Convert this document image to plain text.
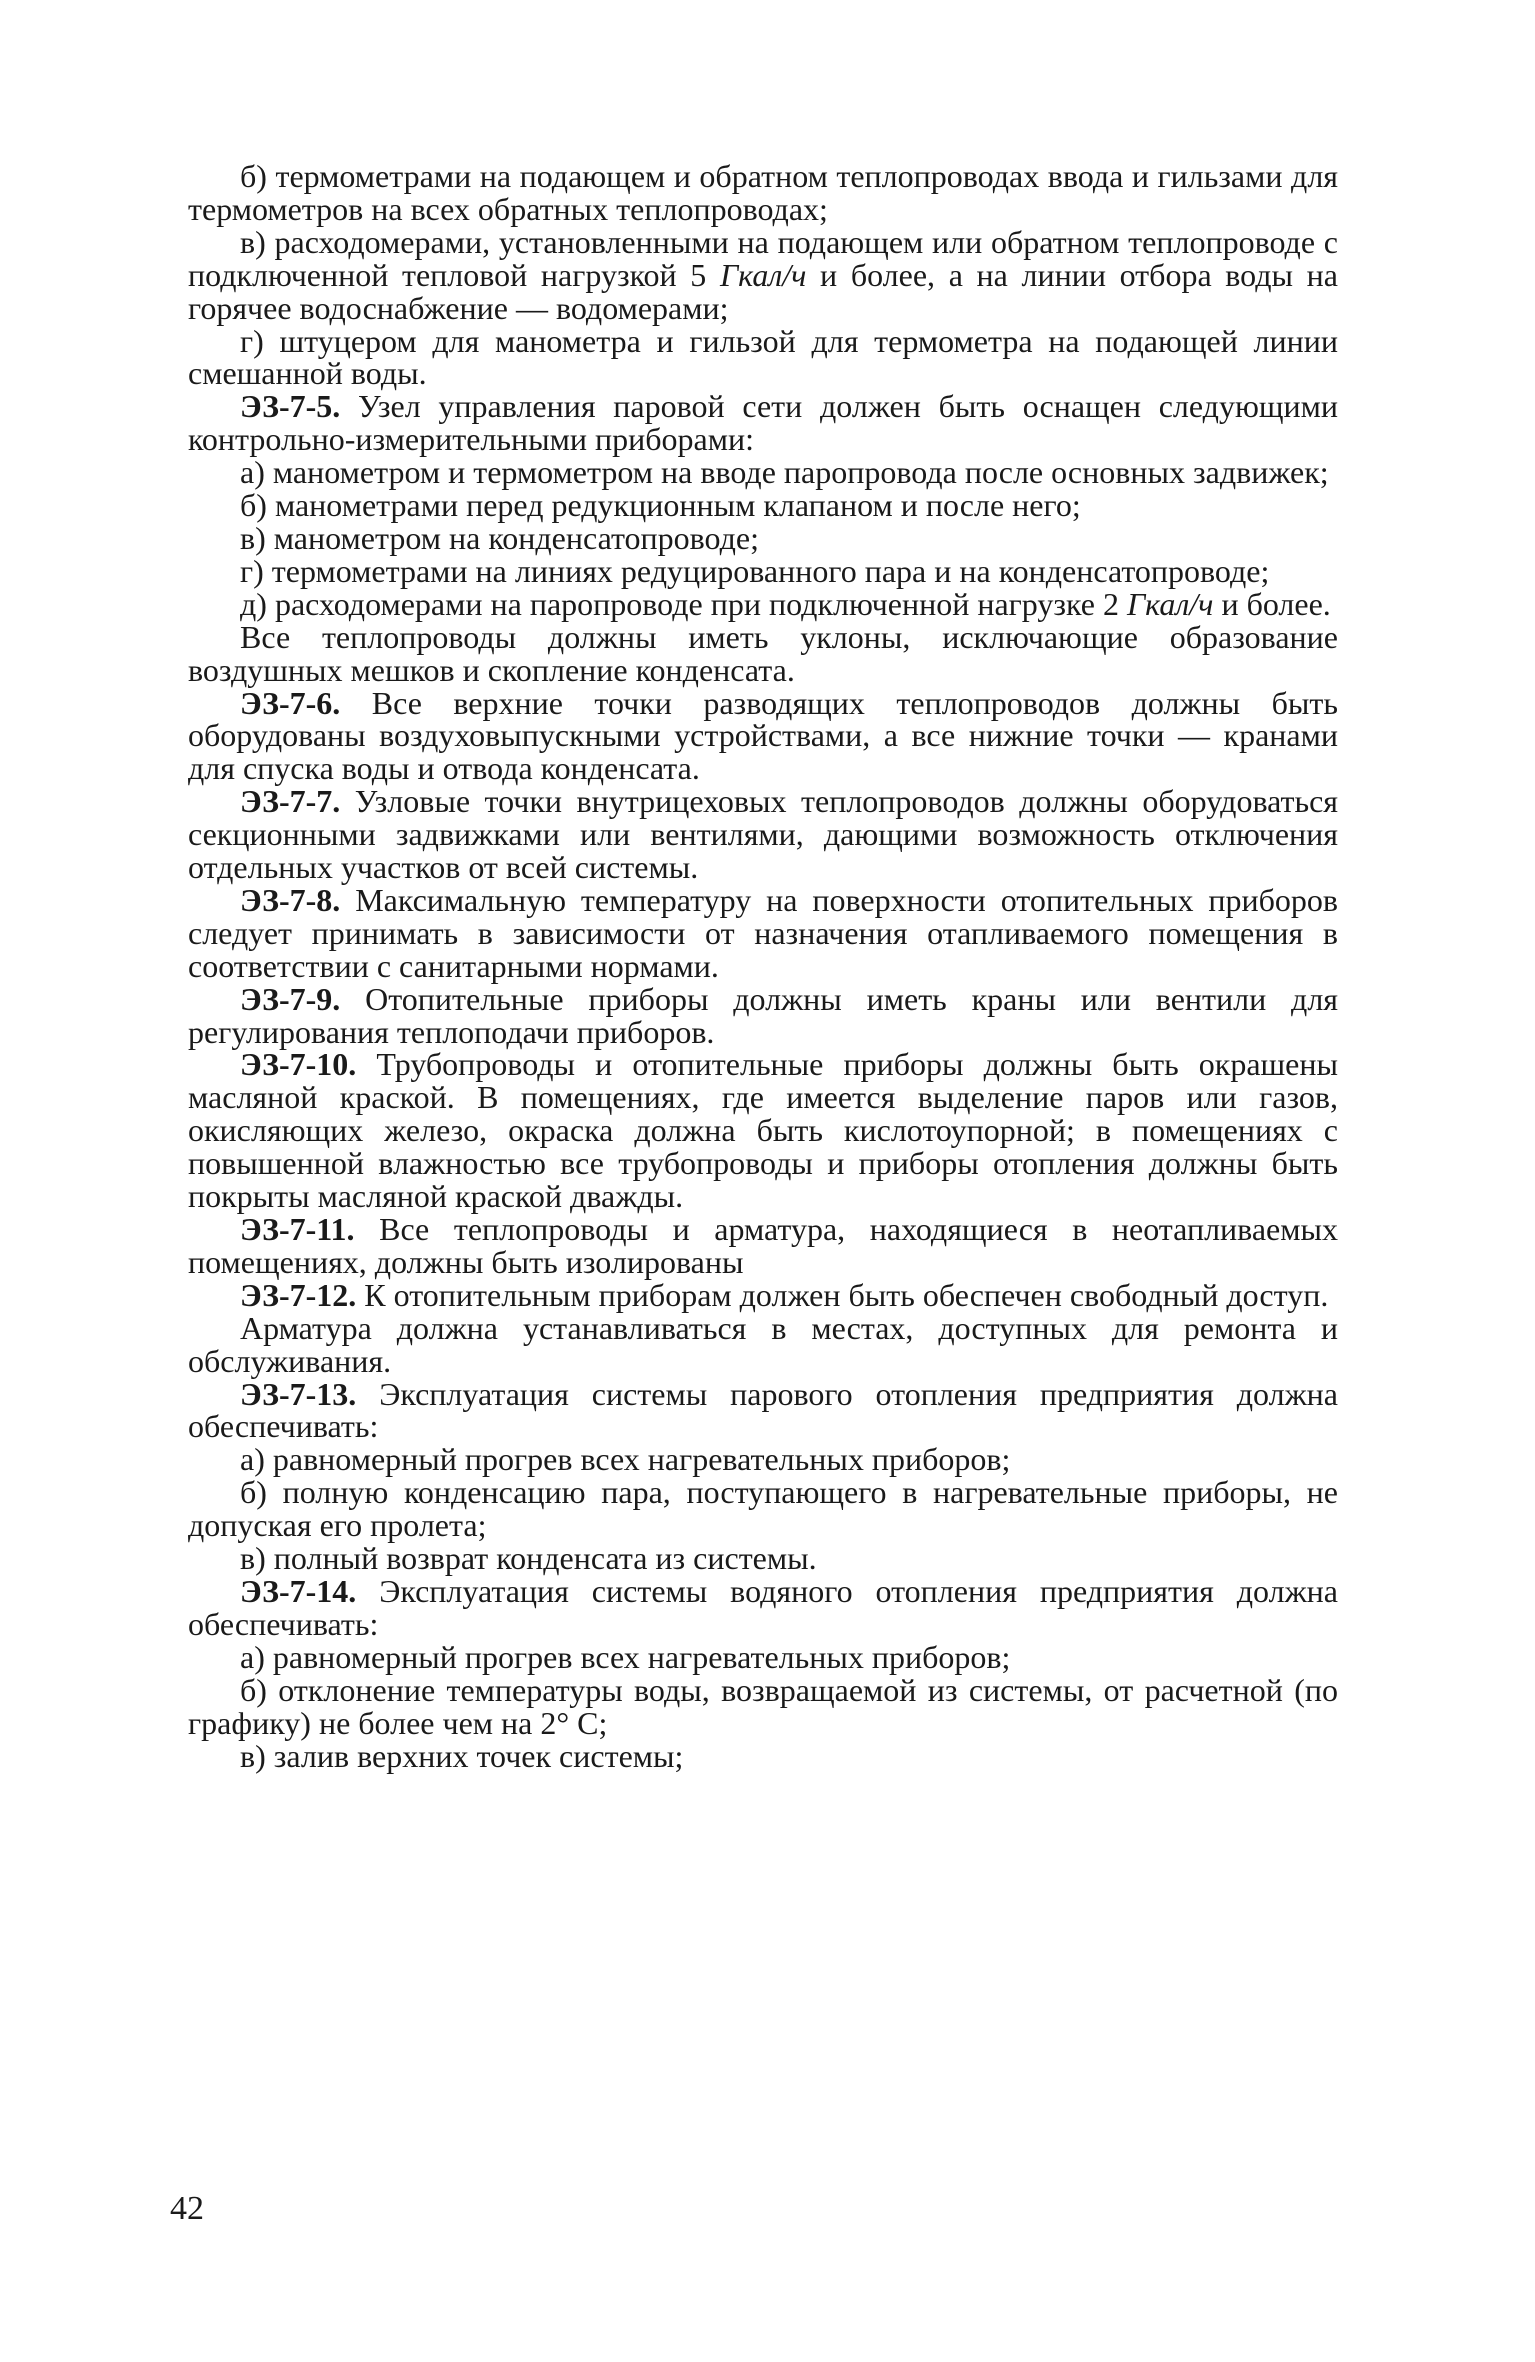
б) термометрами на подающем и обратном теплопроводах ввода и гильзами для термометров на всех обратных теплопроводах;

в) расходомерами, установленными на подающем или обратном теплопроводе с подключенной тепловой нагрузкой 5 Гкал/ч и более, а на линии отбора воды на горячее водоснабжение — водомерами;

г) штуцером для манометра и гильзой для термометра на подающей линии смешанной воды.

ЭЗ-7-5. Узел управления паровой сети должен быть оснащен следующими контрольно-измерительными приборами:

а) манометром и термометром на вводе паропровода после основных задвижек;

б) манометрами перед редукционным клапаном и после него;

в) манометром на конденсатопроводе;

г) термометрами на линиях редуцированного пара и на конденсатопроводе;

д) расходомерами на паропроводе при подключенной нагрузке 2 Гкал/ч и более.

Все теплопроводы должны иметь уклоны, исключающие образование воздушных мешков и скопление конденсата.

ЭЗ-7-6. Все верхние точки разводящих теплопроводов должны быть оборудованы воздуховыпускными устройствами, а все нижние точки — кранами для спуска воды и отвода конденсата.

ЭЗ-7-7. Узловые точки внутрицеховых теплопроводов должны оборудоваться секционными задвижками или вентилями, дающими возможность отключения отдельных участков от всей системы.

ЭЗ-7-8. Максимальную температуру на поверхности отопительных приборов следует принимать в зависимости от назначения отапливаемого помещения в соответствии с санитарными нормами.

ЭЗ-7-9. Отопительные приборы должны иметь краны или вентили для регулирования теплоподачи приборов.

ЭЗ-7-10. Трубопроводы и отопительные приборы должны быть окрашены масляной краской. В помещениях, где имеется выделение паров или газов, окисляющих железо, окраска должна быть кислотоупорной; в помещениях с повышенной влажностью все трубопроводы и приборы отопления должны быть покрыты масляной краской дважды.

ЭЗ-7-11. Все теплопроводы и арматура, находящиеся в неотапливаемых помещениях, должны быть изолированы

ЭЗ-7-12. К отопительным приборам должен быть обеспечен свободный доступ.

Арматура должна устанавливаться в местах, доступных для ремонта и обслуживания.

ЭЗ-7-13. Эксплуатация системы парового отопления предприятия должна обеспечивать:

а) равномерный прогрев всех нагревательных приборов;

б) полную конденсацию пара, поступающего в нагревательные приборы, не допуская его пролета;

в) полный возврат конденсата из системы.

ЭЗ-7-14. Эксплуатация системы водяного отопления предприятия должна обеспечивать:

а) равномерный прогрев всех нагревательных приборов;

б) отклонение температуры воды, возвращаемой из системы, от расчетной (по графику) не более чем на 2° С;

в) залив верхних точек системы;

42
